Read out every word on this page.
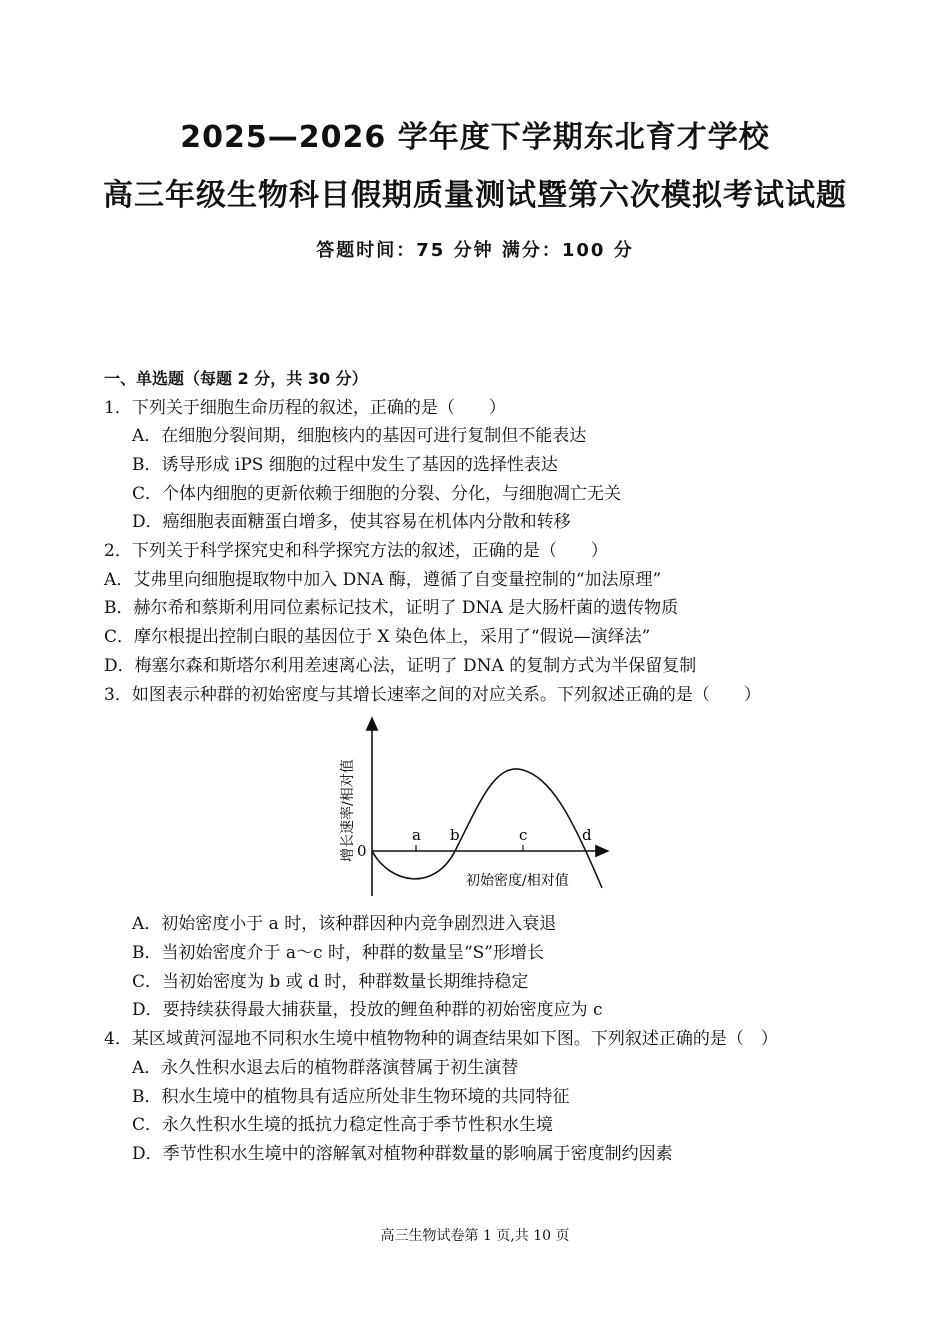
2025—2026 学年度下学期东北育才学校
高三年级生物科目假期质量测试暨第六次模拟考试试题
答题时间：75 分钟 满分：100 分
一、单选题（每题 2 分，共 30 分）
1．下列关于细胞生命历程的叙述，正确的是（　　）
A．在细胞分裂间期，细胞核内的基因可进行复制但不能表达
B．诱导形成 iPS 细胞的过程中发生了基因的选择性表达
C．个体内细胞的更新依赖于细胞的分裂、分化，与细胞凋亡无关
D．癌细胞表面糖蛋白增多，使其容易在机体内分散和转移
2．下列关于科学探究史和科学探究方法的叙述，正确的是（　　）
A．艾弗里向细胞提取物中加入 DNA 酶，遵循了自变量控制的“加法原理”
B．赫尔希和蔡斯利用同位素标记技术，证明了 DNA 是大肠杆菌的遗传物质
C．摩尔根提出控制白眼的基因位于 X 染色体上，采用了“假说—演绎法”
D．梅塞尔森和斯塔尔利用差速离心法，证明了 DNA 的复制方式为半保留复制
3．如图表示种群的初始密度与其增长速率之间的对应关系。下列叙述正确的是（　　）
a b	c	d
0
初始密度/相对值
增长速率/相对值
A．初始密度小于 a 时，该种群因种内竞争剧烈进入衰退
B．当初始密度介于 a～c 时，种群的数量呈“S”形增长
C．当初始密度为 b 或 d 时，种群数量长期维持稳定
D．要持续获得最大捕获量，投放的鲤鱼种群的初始密度应为 c
4．某区域黄河湿地不同积水生境中植物物种的调查结果如下图。下列叙述正确的是（　）
A．永久性积水退去后的植物群落演替属于初生演替
B．积水生境中的植物具有适应所处非生物环境的共同特征
C．永久性积水生境的抵抗力稳定性高于季节性积水生境
D．季节性积水生境中的溶解氧对植物种群数量的影响属于密度制约因素
高三生物试卷第 1 页,共 10 页
